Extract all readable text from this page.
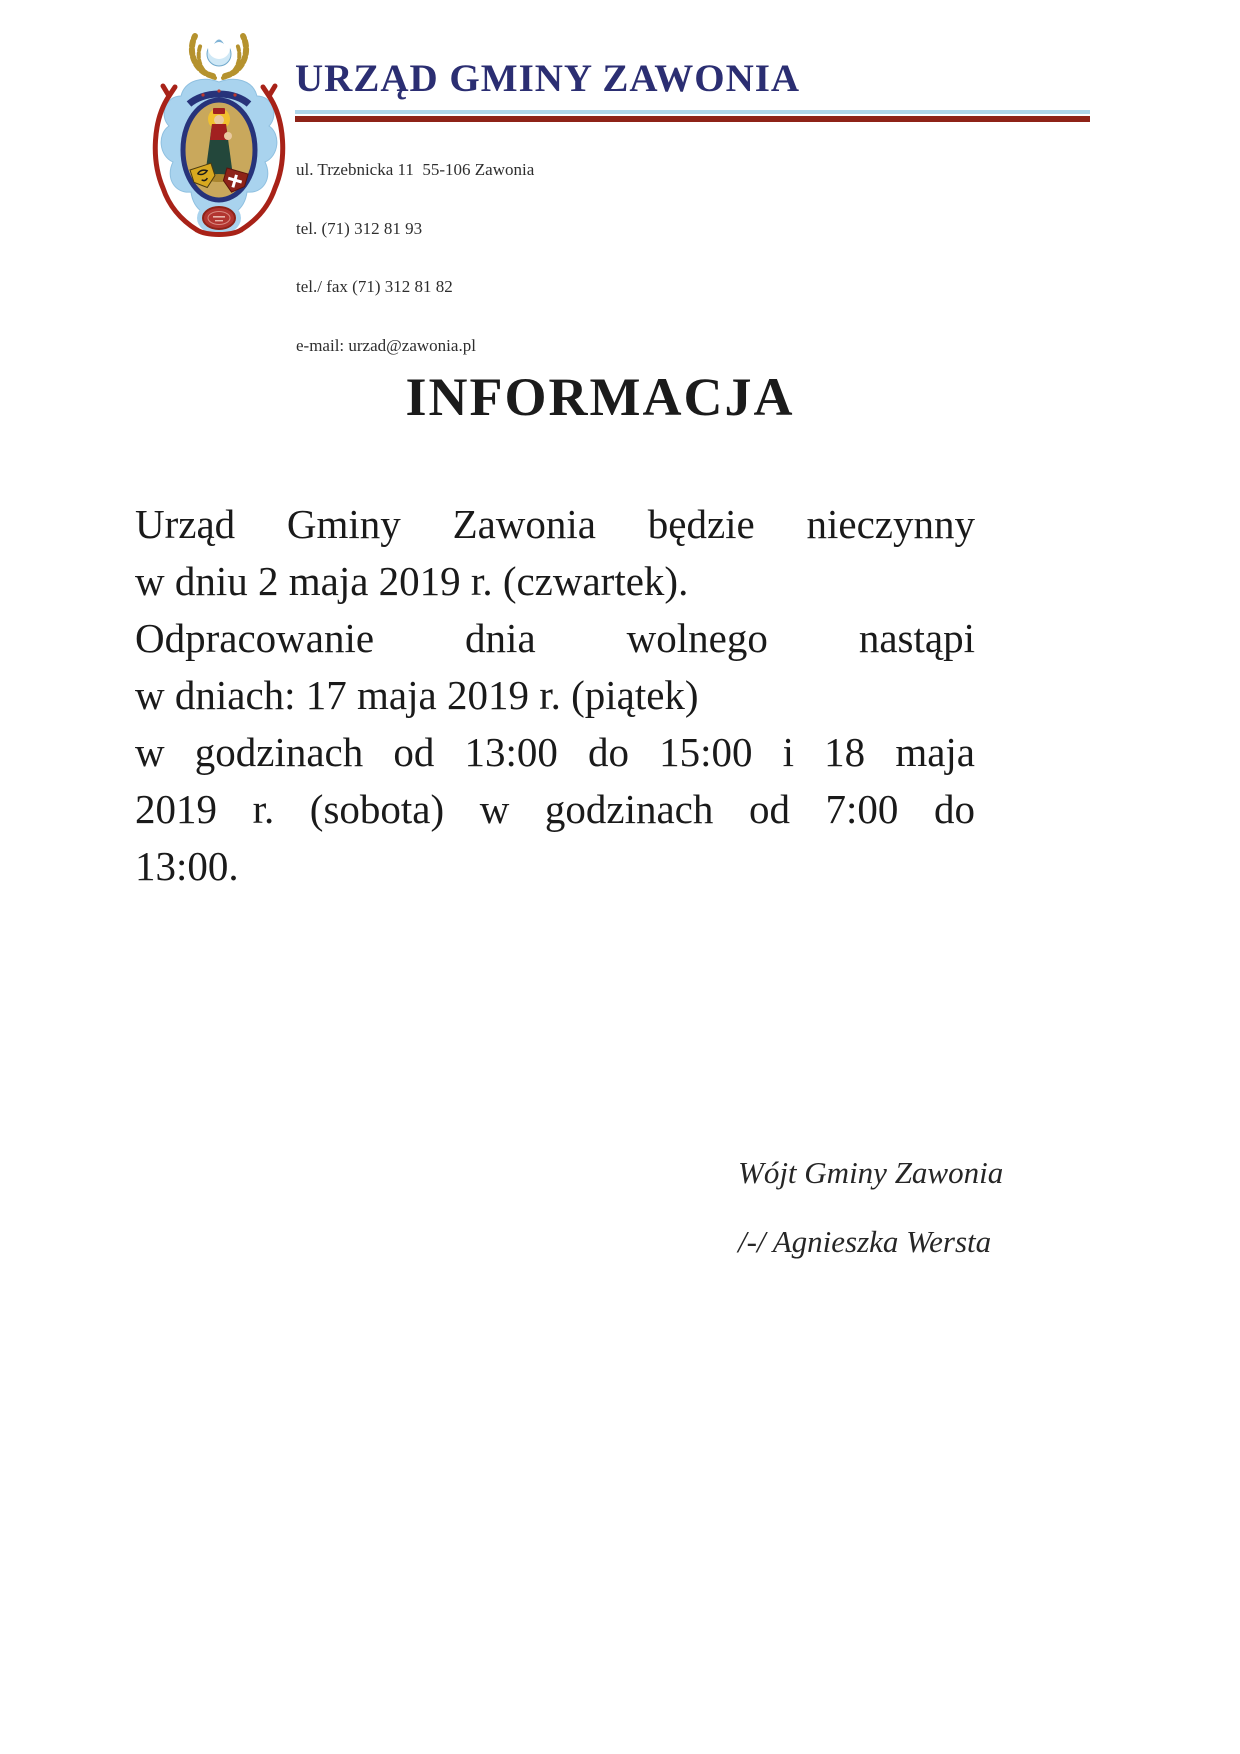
URZĄD GMINY ZAWONIA

ul. Trzebnicka 11  55-106 Zawonia

tel. (71) 312 81 93

tel./ fax (71) 312 81 82

e-mail: urzad@zawonia.pl

INFORMACJA
Urząd Gminy Zawonia będzie nieczynny
w dniu 2 maja 2019 r. (czwartek).
Odpracowanie dnia wolnego nastąpi
w dniach: 17 maja 2019 r. (piątek)
w godzinach od 13:00 do 15:00 i 18 maja
2019 r. (sobota) w godzinach od 7:00 do
13:00.
Wójt Gminy Zawonia
/-/ Agnieszka Wersta
